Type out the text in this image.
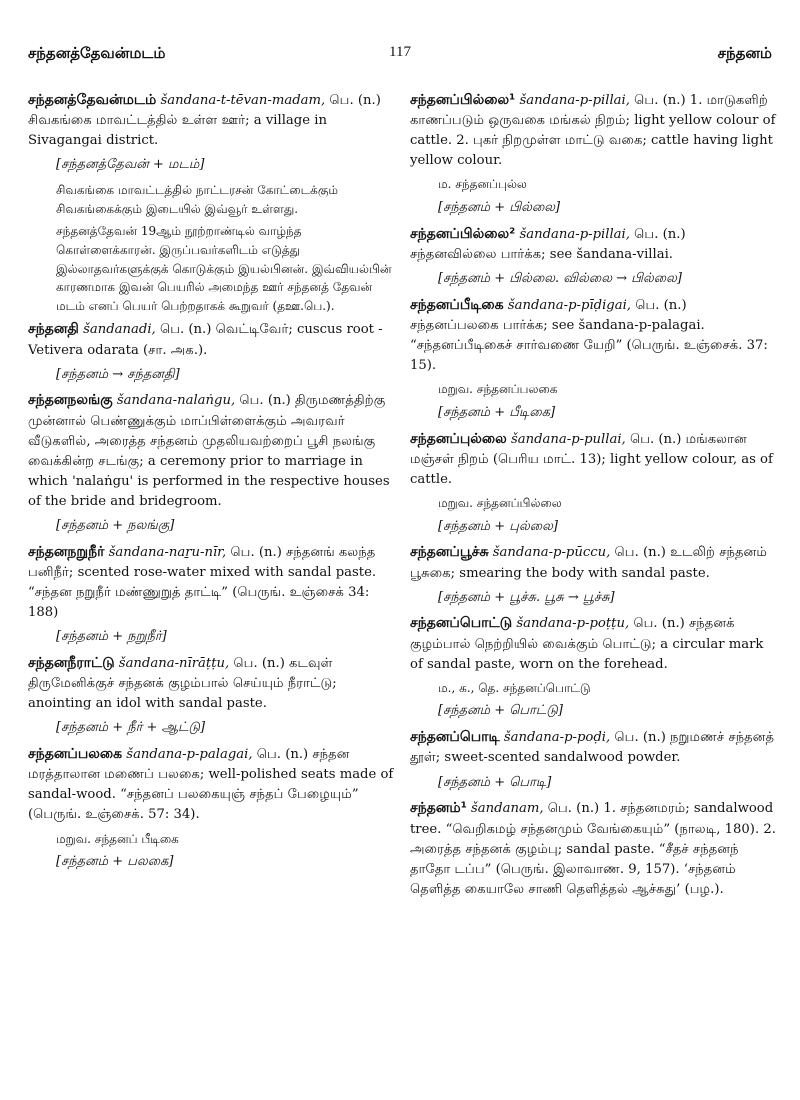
சந்தனத்தேவன்மடம்	117	சந்தனம்

சந்தனத்தேவன்மடம் šandana-t-tēvan-madam, பெ. (n.) சிவகங்கை மாவட்டத்தில் உள்ள ஊர்; a village in Sivagangai district.

[சந்தனத்தேவன் + மடம்]
சிவகங்கை மாவட்டத்தில் நாட்டரசன் கோட்டைக்கும் சிவகங்கைக்கும் இடையில் இவ்வூர் உள்ளது.
சந்தனத்தேவன் 19ஆம் நூற்றாண்டில் வாழ்ந்த கொள்ளைக்காரன். இருப்பவர்களிடம் எடுத்து இல்லாதவர்களுக்குக் கொடுக்கும் இயல்பினன். இவ்வியல்பின் காரணமாக இவன் பெயரில் அமைந்த ஊர் சந்தனத் தேவன் மடம் எனப் பெயர் பெற்றதாகக் கூறுவர் (தஊ.பெ.).

சந்தனதி šandanadi, பெ. (n.) வெட்டிவேர்; cuscus root - Vetivera odarata (சா. அக.).

[சந்தனம் → சந்தனதி]

சந்தனநலங்கு šandana-nalaṅgu, பெ. (n.) திருமணத்திற்கு முன்னால் பெண்ணுக்கும் மாப்பிள்ளைக்கும் அவரவர் வீடுகளில், அரைத்த சந்தனம் முதலியவற்றைப் பூசி நலங்கு வைக்கின்ற சடங்கு; a ceremony prior to marriage in which 'nalaṅgu' is performed in the respective houses of the bride and bridegroom.

[சந்தனம் + நலங்கு]

சந்தனநறுநீர் šandana-naṟu-nīr, பெ. (n.) சந்தனங் கலந்த பனிநீர்; scented rose-water mixed with sandal paste. “சந்தன நறுநீர் மண்ணுறுத் தாட்டி” (பெருங். உஞ்சைக் 34: 188)

[சந்தனம் + நறுநீர்]

சந்தனநீராட்டு šandana-nīrāṭṭu, பெ. (n.) கடவுள் திருமேனிக்குச் சந்தனக் குழம்பால் செய்யும் நீராட்டு; anointing an idol with sandal paste.

[சந்தனம் + நீர் + ஆட்டு]

சந்தனப்பலகை šandana-p-palagai, பெ. (n.) சந்தன மரத்தாலான மணைப் பலகை; well-polished seats made of sandal-wood. “சந்தனப் பலகையுஞ் சந்தப் பேழையும்” (பெருங். உஞ்சைக். 57: 34).

மறுவ. சந்தனப் பீடிகை
[சந்தனம் + பலகை]

சந்தனப்பில்லை¹ šandana-p-pillai, பெ. (n.) 1. மாடுகளிற் காணப்படும் ஒருவகை மங்கல் நிறம்; light yellow colour of cattle. 2. புகர் நிறமுள்ள மாட்டு வகை; cattle having light yellow colour.

ம. சந்தனப்புல்ல
[சந்தனம் + பில்லை]

சந்தனப்பில்லை² šandana-p-pillai, பெ. (n.) சந்தனவில்லை பார்க்க; see šandana-villai.

[சந்தனம் + பில்லை. வில்லை → பில்லை]

சந்தனப்பீடிகை šandana-p-pīḍigai, பெ. (n.) சந்தனப்பலகை பார்க்க; see šandana-p-palagai. “சந்தனப்பீடிகைச் சார்வணை யேறி” (பெருங். உஞ்சைக். 37: 15).

மறுவ. சந்தனப்பலகை
[சந்தனம் + பீடிகை]

சந்தனப்புல்லை šandana-p-pullai, பெ. (n.) மங்கலான மஞ்சள் நிறம் (பெரிய மாட். 13); light yellow colour, as of cattle.

மறுவ. சந்தனப்பில்லை
[சந்தனம் + புல்லை]

சந்தனப்பூச்சு šandana-p-pūccu, பெ. (n.) உடலிற் சந்தனம் பூசுகை; smearing the body with sandal paste.

[சந்தனம் + பூச்சு. பூசு → பூச்சு]

சந்தனப்பொட்டு šandana-p-poṭṭu, பெ. (n.) சந்தனக் குழம்பால் நெற்றியில் வைக்கும் பொட்டு; a circular mark of sandal paste, worn on the forehead.

ம., க., தெ. சந்தனப்பொட்டு
[சந்தனம் + பொட்டு]

சந்தனப்பொடி šandana-p-poḍi, பெ. (n.) நறுமணச் சந்தனத் தூள்; sweet-scented sandalwood powder.

[சந்தனம் + பொடி]

சந்தனம்¹ šandanam, பெ. (n.) 1. சந்தனமரம்; sandalwood tree. “வெறிகமழ் சந்தனமும் வேங்கையும்” (நாலடி, 180). 2. அரைத்த சந்தனக் குழம்பு; sandal paste. “சீதச் சந்தனந் தாதோ டப்ப” (பெருங். இலாவாண. 9, 157). ‘சந்தனம் தெளித்த கையாலே சாணி தெளித்தல் ஆச்சுது’ (பழ.).
